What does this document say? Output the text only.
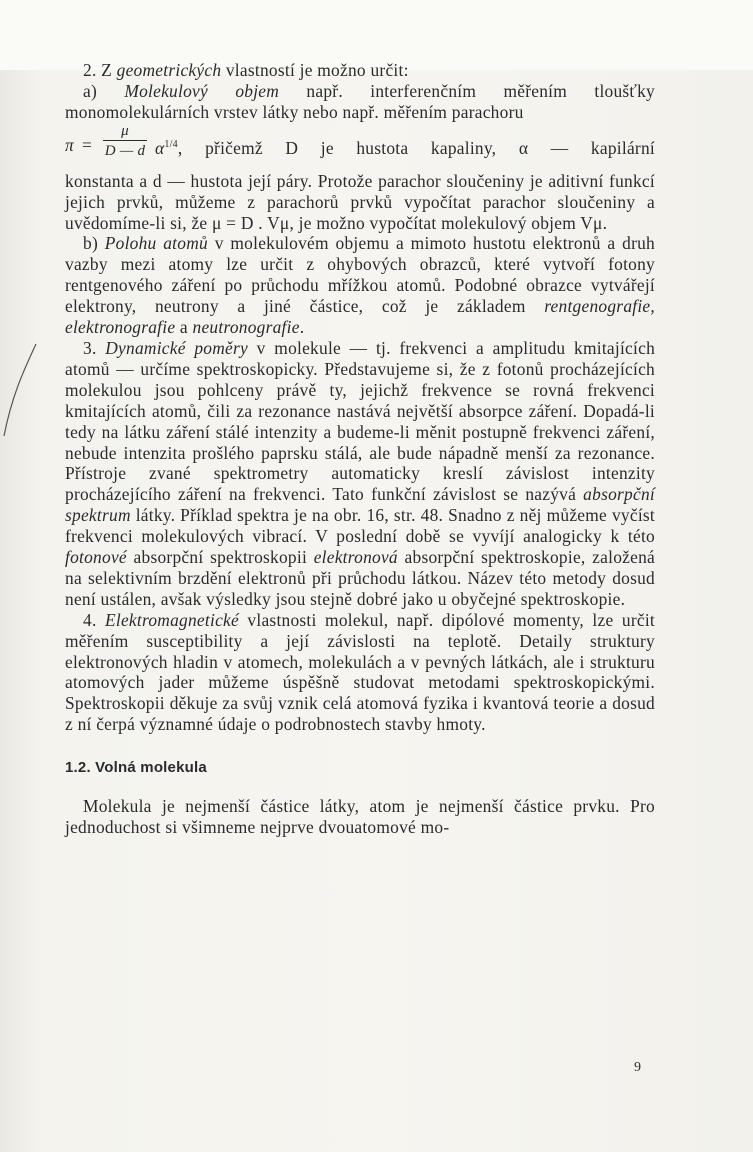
2. Z geometrických vlastností je možno určit:

a) Molekulový objem např. interferenčním měřením tloušťky monomolekulárních vrstev látky nebo např. měřením parachoru

π =
μ
D — d $\alpha^{1/4}$, přičemž D je hustota kapaliny, α — kapilární

konstanta a d — hustota její páry. Protože parachor sloučeniny je aditivní funkcí jejich prvků, můžeme z parachorů prvků vypočítat parachor sloučeniny a uvědomíme-li si, že μ = D . Vμ, je možno vypočítat molekulový objem Vμ.

b) Polohu atomů v molekulovém objemu a mimoto hustotu elektronů a druh vazby mezi atomy lze určit z ohybových obrazců, které vytvoří fotony rentgenového záření po průchodu mřížkou atomů. Podobné obrazce vytvářejí elektrony, neutrony a jiné částice, což je základem rentgenografie, elektronografie a neutronografie.

3. Dynamické poměry v molekule — tj. frekvenci a amplitudu kmitajících atomů — určíme spektroskopicky. Představujeme si, že z fotonů procházejících molekulou jsou pohlceny právě ty, jejichž frekvence se rovná frekvenci kmitajících atomů, čili za rezonance nastává největší absorpce záření. Dopadá-li tedy na látku záření stálé intenzity a budeme-li měnit postupně frekvenci záření, nebude intenzita prošlého paprsku stálá, ale bude nápadně menší za rezonance. Přístroje zvané spektrometry automaticky kreslí závislost intenzity procházejícího záření na frekvenci. Tato funkční závislost se nazývá absorpční spektrum látky. Příklad spektra je na obr. 16, str. 48. Snadno z něj můžeme vyčíst frekvenci molekulových vibrací. V poslední době se vyvíjí analogicky k této fotonové absorpční spektroskopii elektronová absorpční spektroskopie, založená na selektivním brzdění elektronů při průchodu látkou. Název této metody dosud není ustálen, avšak výsledky jsou stejně dobré jako u obyčejné spektroskopie.

4. Elektromagnetické vlastnosti molekul, např. dipólové momenty, lze určit měřením susceptibility a její závislosti na teplotě. Detaily struktury elektronových hladin v atomech, molekulách a v pevných látkách, ale i strukturu atomových jader můžeme úspěšně studovat metodami spektroskopickými. Spektroskopii děkuje za svůj vznik celá atomová fyzika i kvantová teorie a dosud z ní čerpá významné údaje o podrobnostech stavby hmoty.

1.2. Volná molekula

Molekula je nejmenší částice látky, atom je nejmenší částice prvku. Pro jednoduchost si všimneme nejprve dvouatomové mo-

9
